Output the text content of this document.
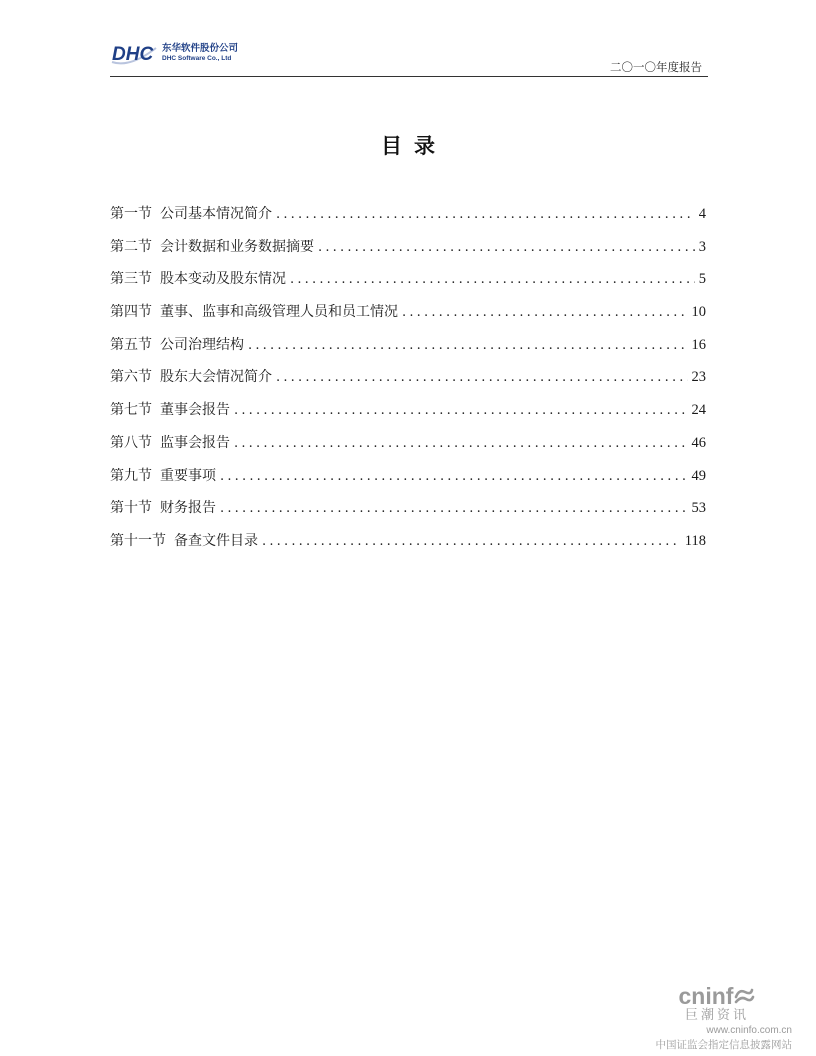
DHC 东华软件股份公司
DHC Software Co., Ltd
二〇一〇年度报告
目录
第一节 公司基本情况简介 .....	4
第二节 会计数据和业务数据摘要 .....	3
第三节 股本变动及股东情况 .....	5
第四节 董事、监事和高级管理人员和员工情况 .....	10
第五节 公司治理结构 .....	16
第六节 股东大会情况简介 .....	23
第七节 董事会报告 .....	24
第八节 监事会报告 .....	46
第九节 重要事项 .....	49
第十节 财务报告 .....	53
第十一节 备查文件目录 .....	118
cninf
巨潮资讯
www.cninfo.com.cn
中国证监会指定信息披露网站
